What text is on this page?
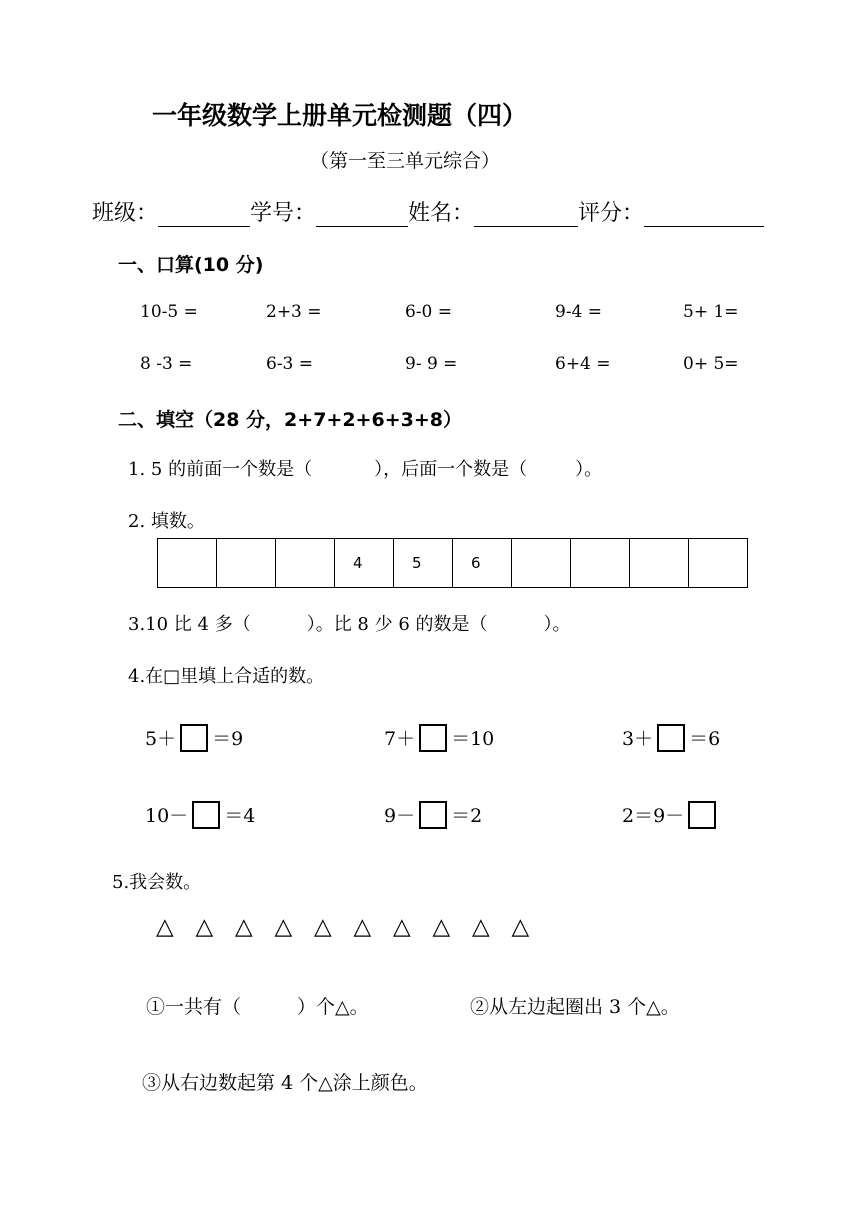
一年级数学上册单元检测题（四）
（第一至三单元综合）
班级：	学号：	姓名：	评分：
一、口算(10 分)
10-5 =	2+3 =	6-0 =	9-4 =	5+ 1=
8 -3 =	6-3 =	9- 9 =	6+4 =	0+ 5=
二、填空（28 分，2+7+2+6+3+8）
1. 5 的前面一个数是（	），后面一个数是（	）。
2. 填数。
			4	5	6				
3.10 比 4 多（	）。比 8 少 6 的数是（	）。
4.在□里填上合适的数。
5＋ ＝9	7＋ ＝10	3＋ ＝6
10－ ＝4	9－ ＝2	2＝9－
5.我会数。
△ △ △ △ △ △ △ △ △ △
①一共有（	）个△。	②从左边起圈出 3 个△。
③从右边数起第 4 个△涂上颜色。
